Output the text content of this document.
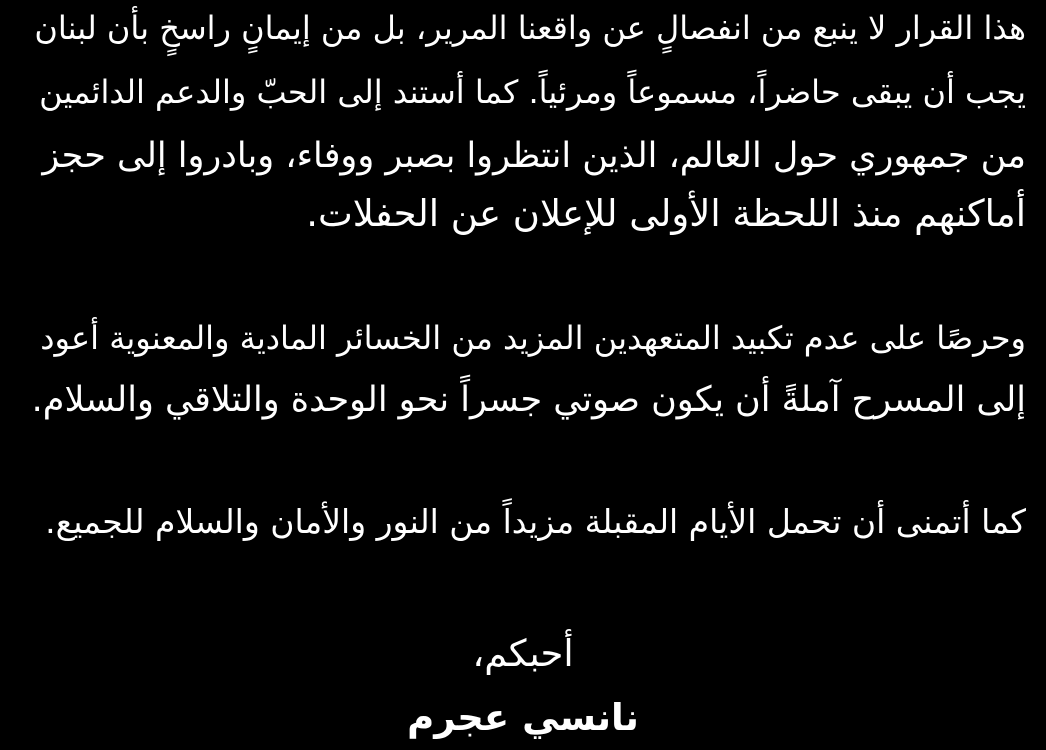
هذا القرار لا ينبع من انفصالٍ عن واقعنا المرير، بل من إيمانٍ راسخٍ بأن لبنان
يجب أن يبقى حاضراً، مسموعاً ومرئياً. كما أستند إلى الحبّ والدعم الدائمين
من جمهوري حول العالم، الذين انتظروا بصبر ووفاء، وبادروا إلى حجز
أماكنهم منذ اللحظة الأولى للإعلان عن الحفلات.
وحرصًا على عدم تكبيد المتعهدين المزيد من الخسائر المادية والمعنوية أعود
إلى المسرح آملةً أن يكون صوتي جسراً نحو الوحدة والتلاقي والسلام.
كما أتمنى أن تحمل الأيام المقبلة مزيداً من النور والأمان والسلام للجميع.
أحبكم،
نانسي عجرم
